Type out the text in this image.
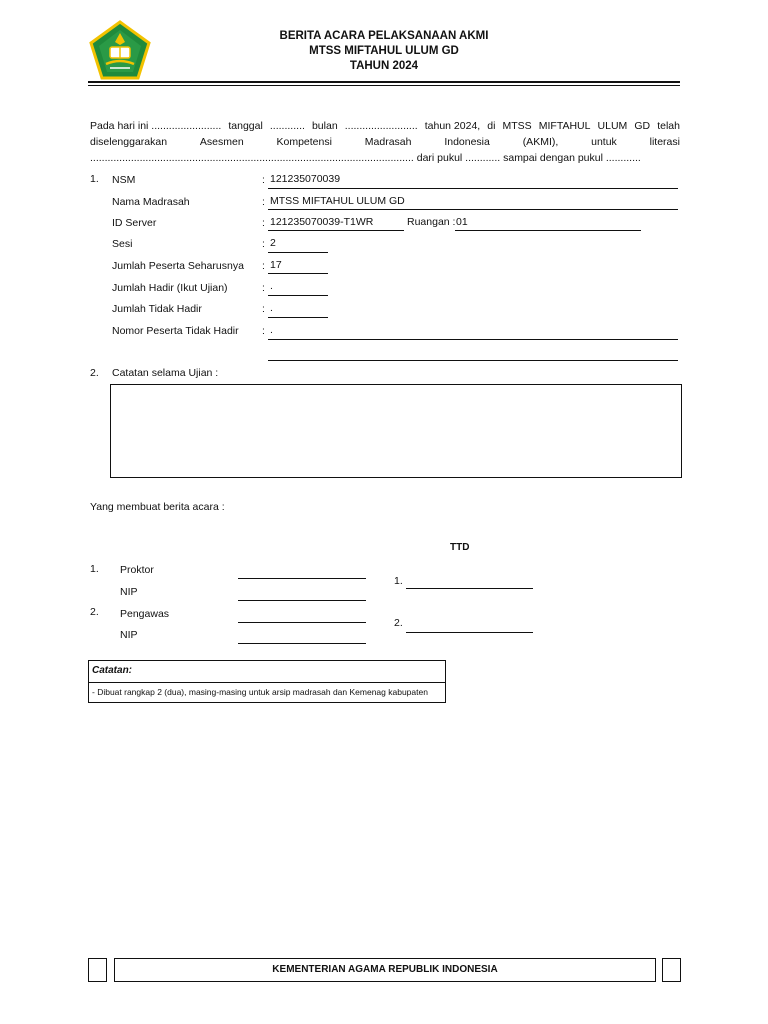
BERITA ACARA PELAKSANAAN AKMI
MTSS MIFTAHUL ULUM GD
TAHUN 2024
Pada hari ini ........................ tanggal ............ bulan ......................... tahun 2024, di MTSS MIFTAHUL ULUM GD telah
diselenggarakan	Asesmen	Kompetensi	Madrasah	Indonesia	(AKMI),	untuk	literasi
............................................................................................................... dari pukul ............ sampai dengan pukul ............
1. NSM	: 121235070039
Nama Madrasah	: MTSS MIFTAHUL ULUM GD
ID Server	: 121235070039-T1WR	Ruangan : 01
Sesi	: 2
Jumlah Peserta Seharusnya : 17
Jumlah Hadir (Ikut Ujian)	: .
Jumlah Tidak Hadir	: .
Nomor Peserta Tidak Hadir : .
2. Catatan selama Ujian :
Yang membuat berita acara :
TTD
1. Proktor
NIP
1.
2. Pengawas
NIP
2.
Catatan:
- Dibuat rangkap 2 (dua), masing-masing untuk arsip madrasah dan Kemenag kabupaten
KEMENTERIAN AGAMA REPUBLIK INDONESIA
